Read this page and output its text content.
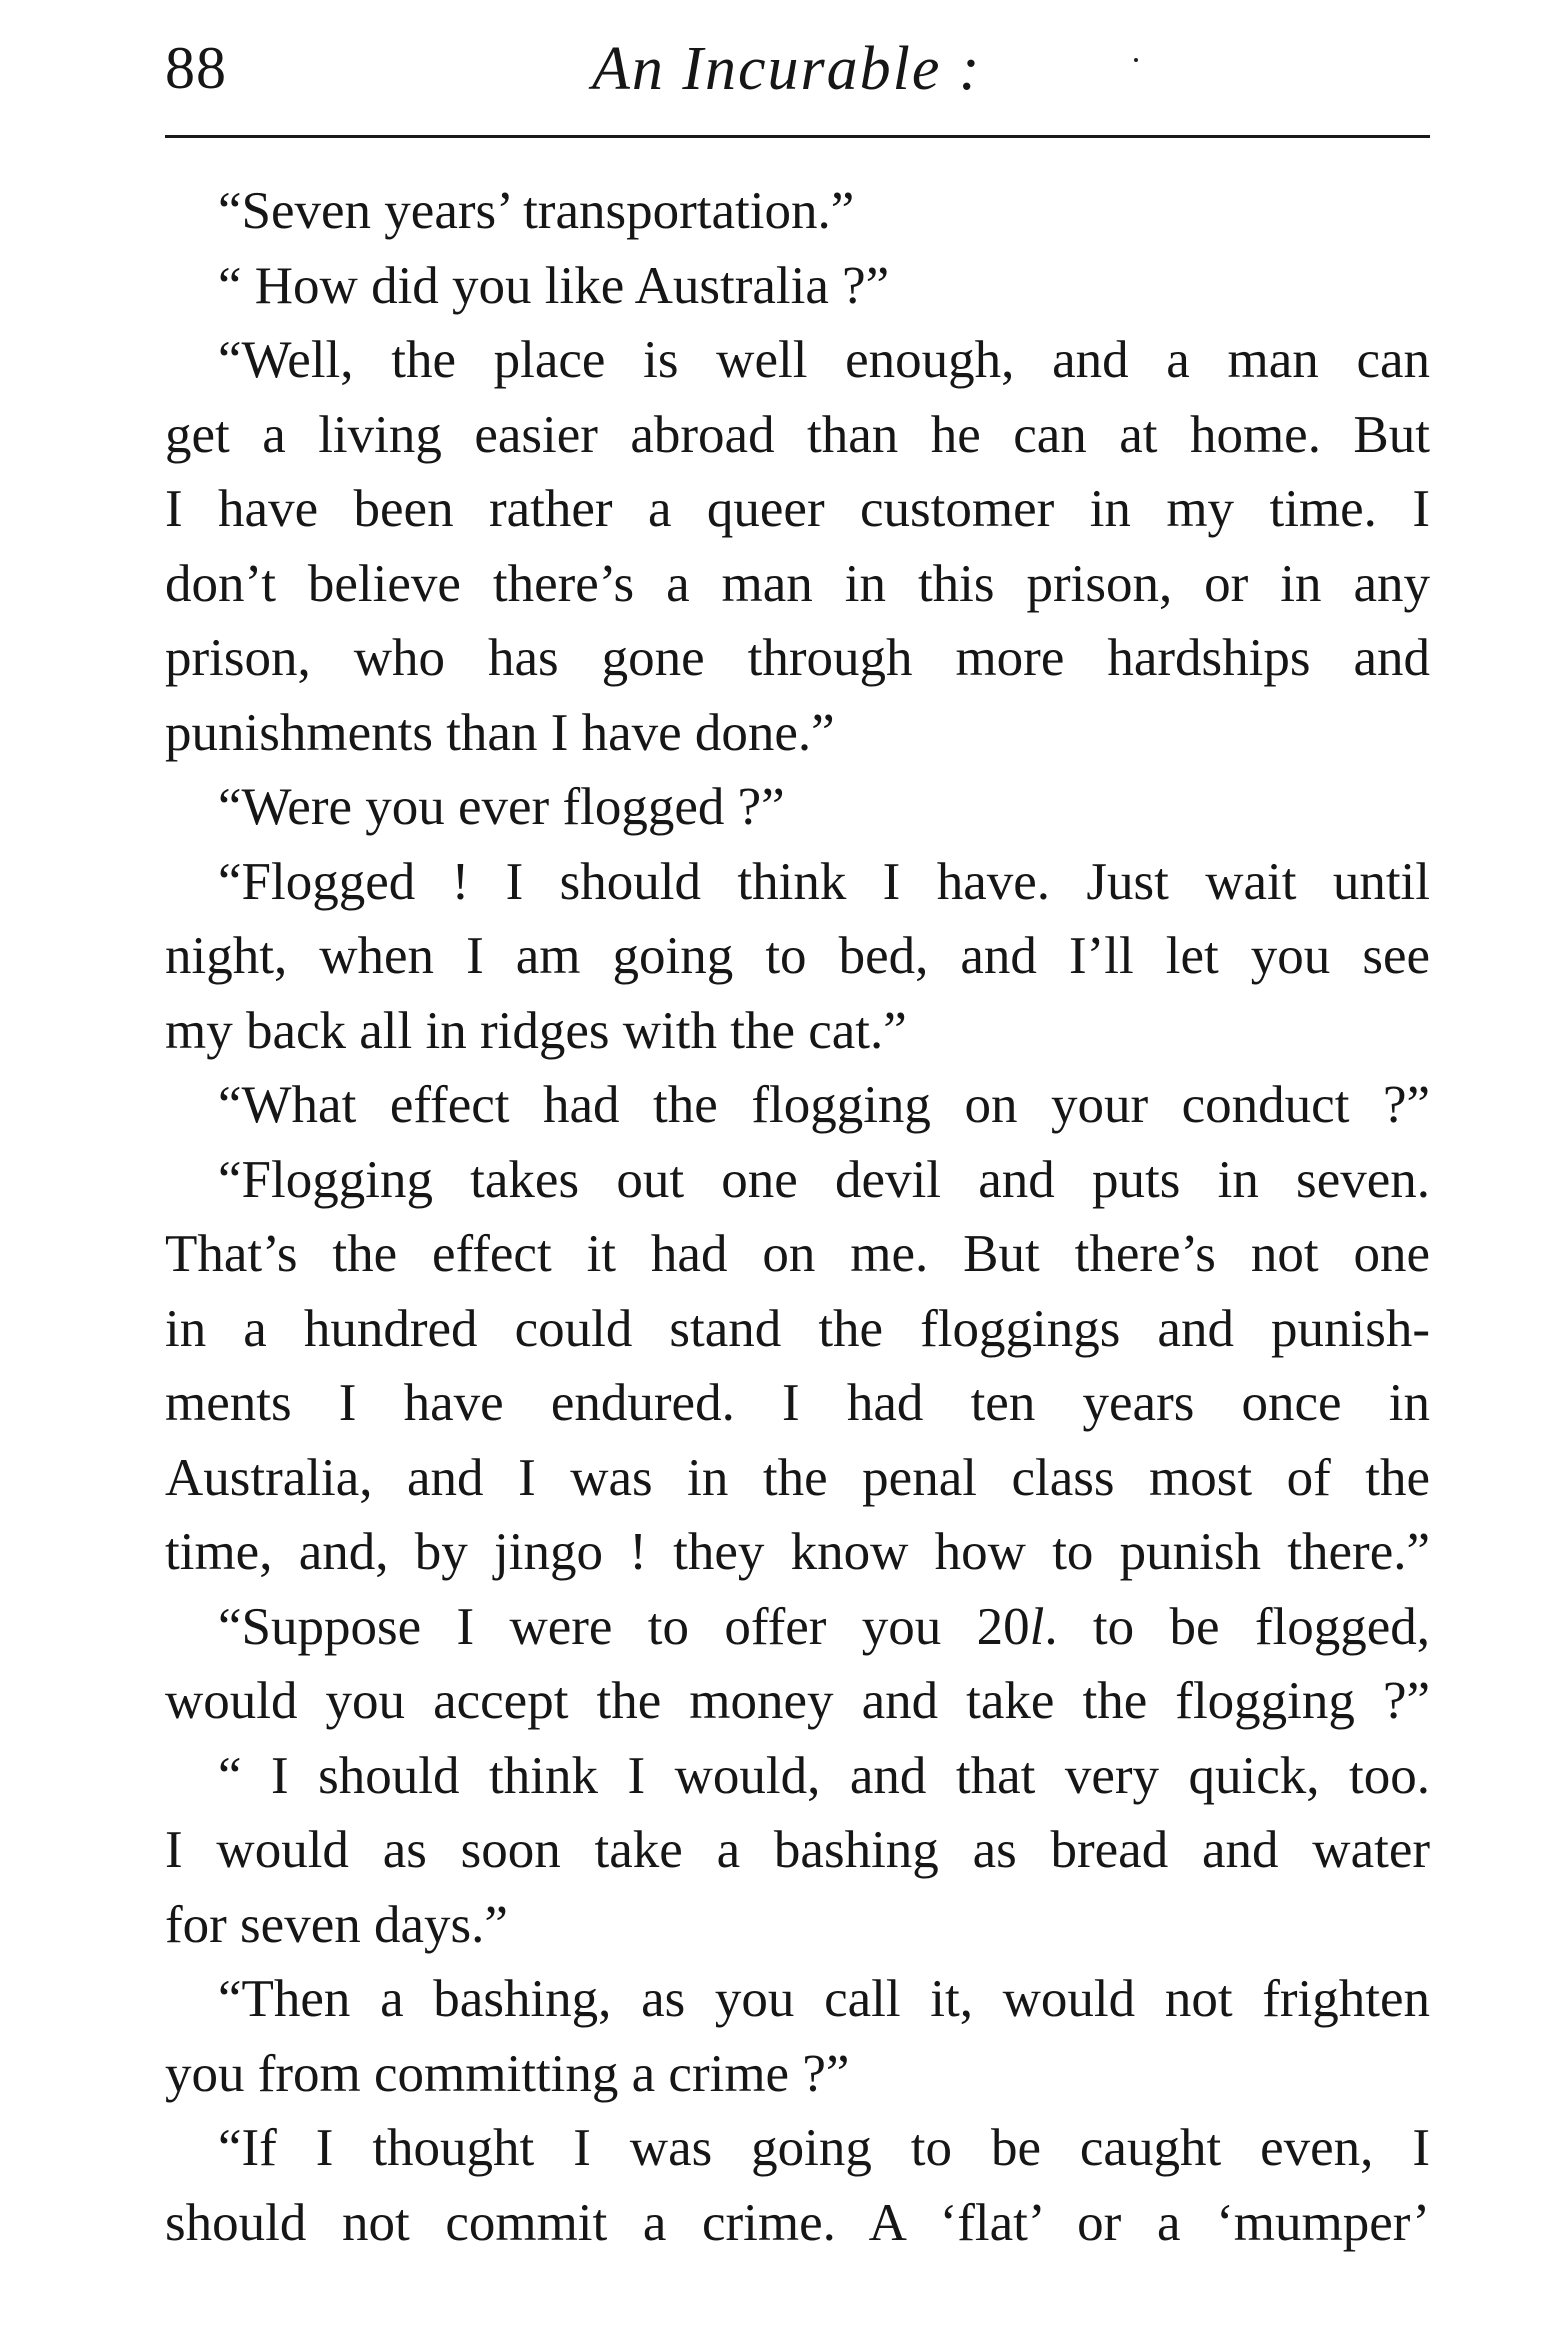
88	An Incurable :
“Seven years’ transportation.”
“ How did you like Australia ?”
“Well, the place is well enough, and a man can
get a living easier abroad than he can at home. But
I have been rather a queer customer in my time. I
don’t believe there’s a man in this prison, or in any
prison, who has gone through more hardships and
punishments than I have done.”
“Were you ever flogged ?”
“Flogged ! I should think I have. Just wait until
night, when I am going to bed, and I’ll let you see
my back all in ridges with the cat.”
“What effect had the flogging on your conduct ?”
“Flogging takes out one devil and puts in seven.
That’s the effect it had on me. But there’s not one
in a hundred could stand the floggings and punish-
ments I have endured. I had ten years once in
Australia, and I was in the penal class most of the
time, and, by jingo ! they know how to punish there.”
“Suppose I were to offer you 20l. to be flogged,
would you accept the money and take the flogging ?”
“ I should think I would, and that very quick, too.
I would as soon take a bashing as bread and water
for seven days.”
“Then a bashing, as you call it, would not frighten
you from committing a crime ?”
“If I thought I was going to be caught even, I
should not commit a crime. A ‘flat’ or a ‘mumper’
